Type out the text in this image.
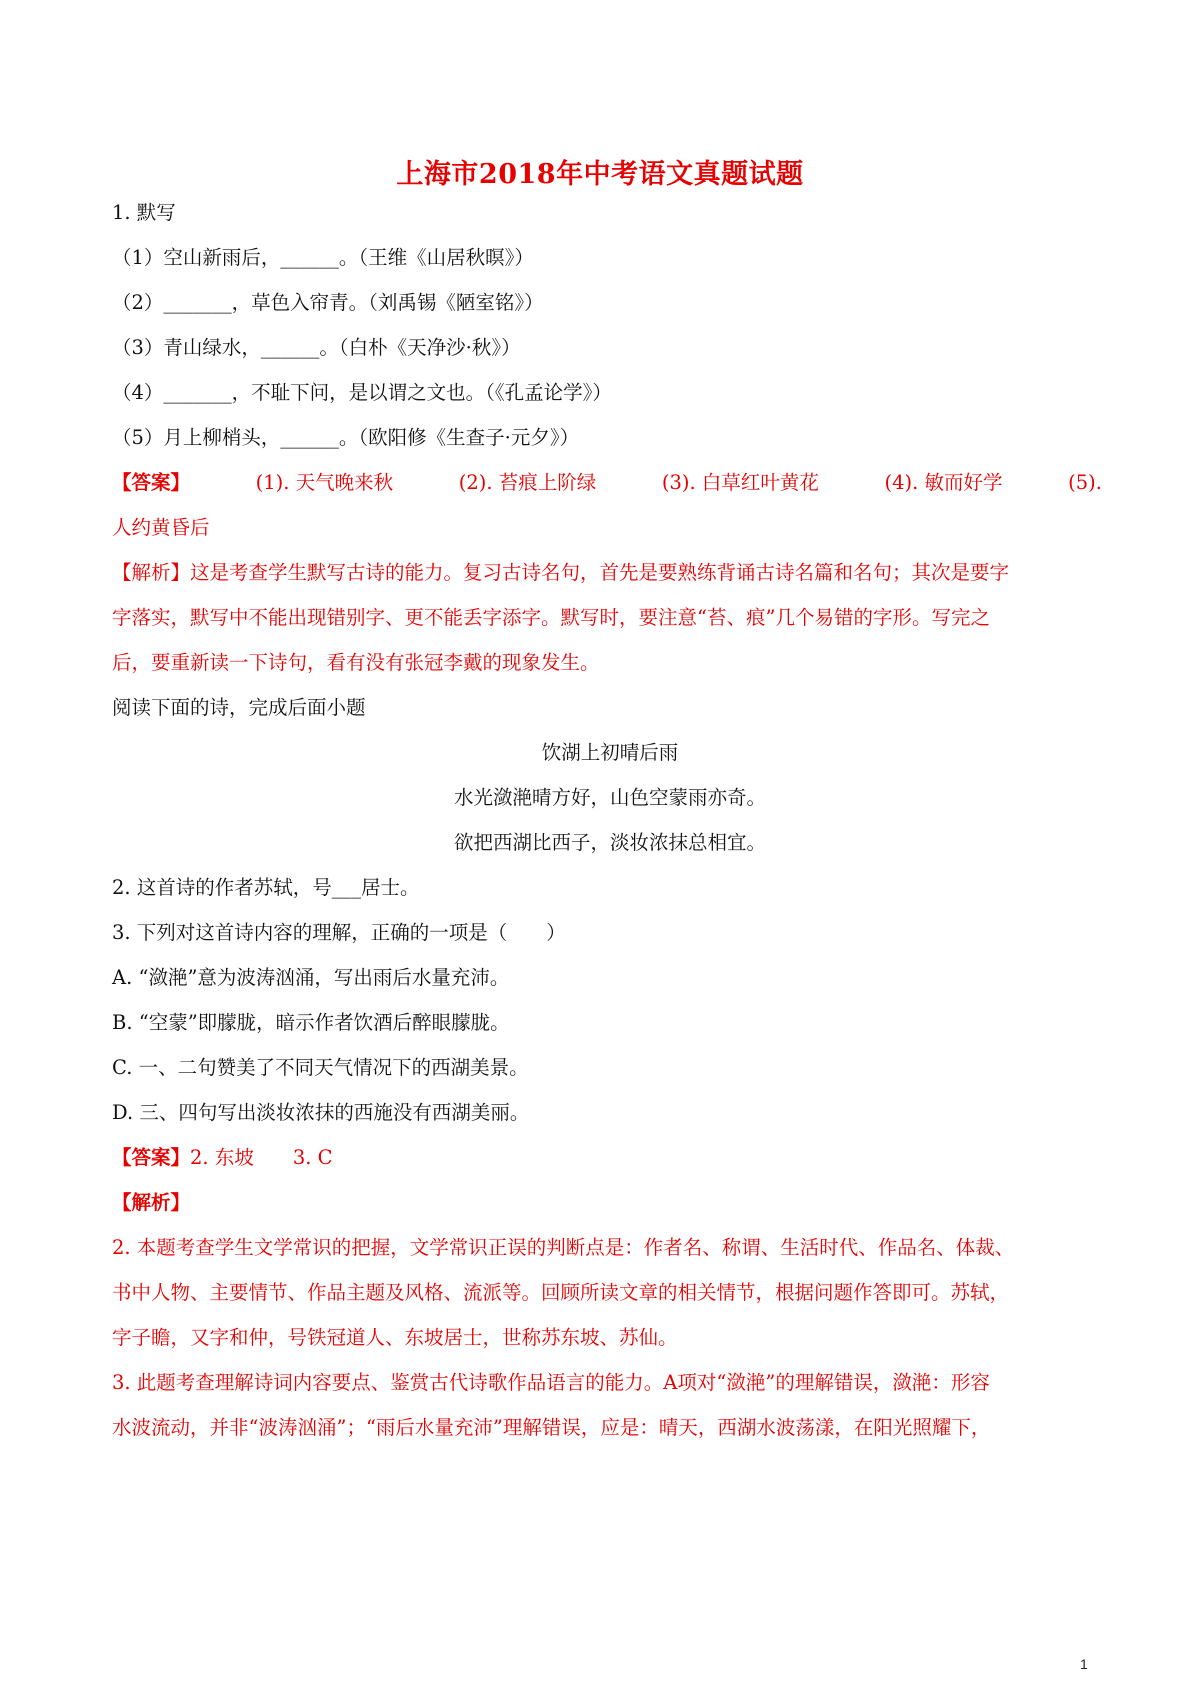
上海市2018年中考语文真题试题
1. 默写
（1）空山新雨后，______。（王维《山居秋暝》）
（2）_______，草色入帘青。（刘禹锡《陋室铭》）
（3）青山绿水，______。（白朴《天净沙·秋》）
（4）_______，不耻下问，是以谓之文也。（《孔孟论学》）
（5）月上柳梢头，______。（欧阳修《生查子·元夕》）
【答案】	(1). 天气晚来秋	(2). 苔痕上阶绿	(3). 白草红叶黄花	(4). 敏而好学	(5).
人约黄昏后
【解析】这是考查学生默写古诗的能力。复习古诗名句，首先是要熟练背诵古诗名篇和名句；其次是要字
字落实，默写中不能出现错别字、更不能丢字添字。默写时，要注意“苔、痕”几个易错的字形。写完之
后，要重新读一下诗句，看有没有张冠李戴的现象发生。
阅读下面的诗，完成后面小题
饮湖上初晴后雨
水光潋滟晴方好，山色空蒙雨亦奇。
欲把西湖比西子，淡妆浓抹总相宜。
2. 这首诗的作者苏轼，号___居士。
3. 下列对这首诗内容的理解，正确的一项是（　　）
A. “潋滟”意为波涛汹涌，写出雨后水量充沛。
B. “空蒙”即朦胧，暗示作者饮酒后醉眼朦胧。
C. 一、二句赞美了不同天气情况下的西湖美景。
D. 三、四句写出淡妆浓抹的西施没有西湖美丽。
【答案】2. 东坡　　3. C
【解析】
2. 本题考查学生文学常识的把握，文学常识正误的判断点是：作者名、称谓、生活时代、作品名、体裁、
书中人物、主要情节、作品主题及风格、流派等。回顾所读文章的相关情节，根据问题作答即可。苏轼，
字子瞻，又字和仲，号铁冠道人、东坡居士，世称苏东坡、苏仙。
3. 此题考查理解诗词内容要点、鉴赏古代诗歌作品语言的能力。A项对“潋滟”的理解错误，潋滟：形容
水波流动，并非“波涛汹涌”；“雨后水量充沛”理解错误，应是：晴天，西湖水波荡漾，在阳光照耀下，
1
